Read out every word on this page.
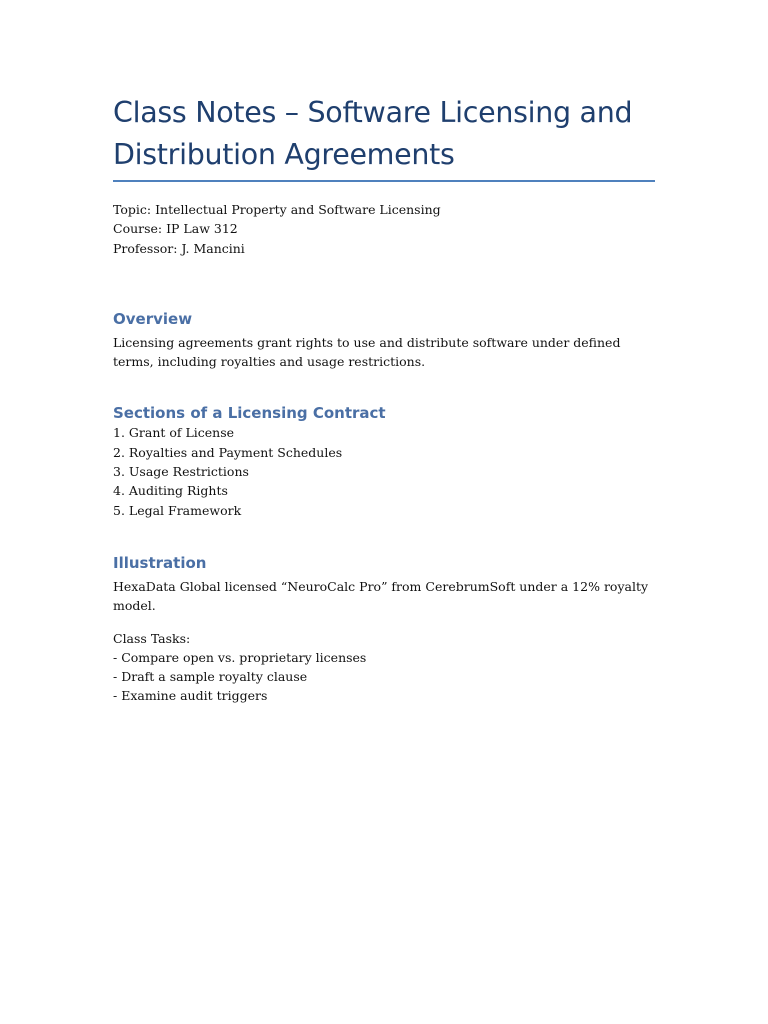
Class Notes – Software Licensing and Distribution Agreements

Topic: Intellectual Property and Software Licensing

Course: IP Law 312

Professor: J. Mancini

Overview

Licensing agreements grant rights to use and distribute software under defined terms, including royalties and usage restrictions.

Sections of a Licensing Contract
1. Grant of License
2. Royalties and Payment Schedules
3. Usage Restrictions
4. Auditing Rights
5. Legal Framework
Illustration

HexaData Global licensed “NeuroCalc Pro” from CerebrumSoft under a 12% royalty model.

Class Tasks:

- Compare open vs. proprietary licenses
- Draft a sample royalty clause
- Examine audit triggers
